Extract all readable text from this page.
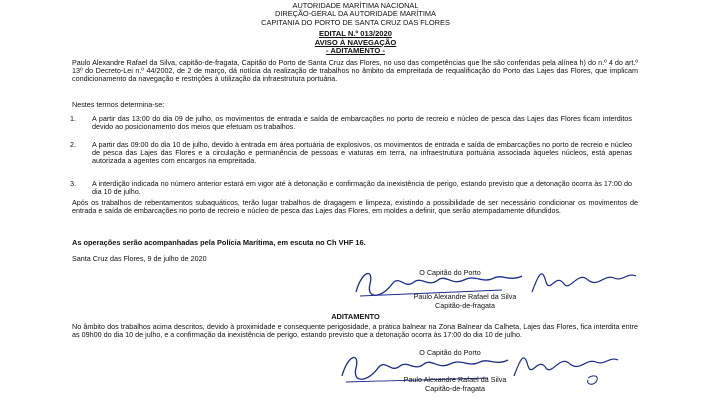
AUTORIDADE MARÍTIMA NACIONAL
DIREÇÃO-GERAL DA AUTORIDADE MARÍTIMA
CAPITANIA DO PORTO DE SANTA CRUZ DAS FLORES
EDITAL N.º 013/2020
AVISO À NAVEGAÇÃO
- ADITAMENTO -
Paulo Alexandre Rafael da Silva, capitão-de-fragata, Capitão do Porto de Santa Cruz das Flores, no uso das competências que lhe são conferidas pela alínea h) do n.º 4 do art.º 13º do Decreto-Lei n.º 44/2002, de 2 de março, dá notícia da realização de trabalhos no âmbito da empreitada de requalificação do Porto das Lajes das Flores, que implicam condicionamento da navegação e restrições à utilização da infraestrutura portuária.
Nestes termos determina-se:
1. A partir das 13:00 do dia 09 de julho, os movimentos de entrada e saída de embarcações no porto de recreio e núcleo de pesca das Lajes das Flores ficam interditos devido ao posicionamento dos meios que efetuam os trabalhos.
2. A partir das 09:00 do dia 10 de julho, devido à entrada em área portuária de explosivos, os movimentos de entrada e saída de embarcações no porto de recreio e núcleo de pesca das Lajes das Flores e a circulação e permanência de pessoas e viaturas em terra, na infraestrutura portuária associada àqueles núcleos, está apenas autorizada a agentes com encargos na empreitada.
3. A interdição indicada no número anterior estará em vigor até à detonação e confirmação da inexistência de perigo, estando previsto que a detonação ocorra às 17:00 do dia 10 de julho.
Após os trabalhos de rebentamentos subaquáticos, terão lugar trabalhos de dragagem e limpeza, existindo a possibilidade de ser necessário condicionar os movimentos de entrada e saída de embarcações no porto de recreio e núcleo de pesca das Lajes das Flores, em moldes a definir, que serão atempadamente difundidos.
As operações serão acompanhadas pela Polícia Marítima, em escuta no Ch VHF 16.
Santa Cruz das Flores, 9 de julho de 2020
O Capitão do Porto
Paulo Alexandre Rafael da Silva
Capitão-de-fragata
ADITAMENTO
No âmbito dos trabalhos acima descritos, devido à proximidade e consequente perigosidade, a prática balnear na Zona Balnear da Calheta, Lajes das Flores, fica interdita entre as 09h00 do dia 10 de julho, e a confirmação da inexistência de perigo, estando previsto que a detonação ocorra às 17:00 do dia 10 de julho.
O Capitão do Porto
Paulo Alexandre Rafael da Silva
Capitão-de-fragata
